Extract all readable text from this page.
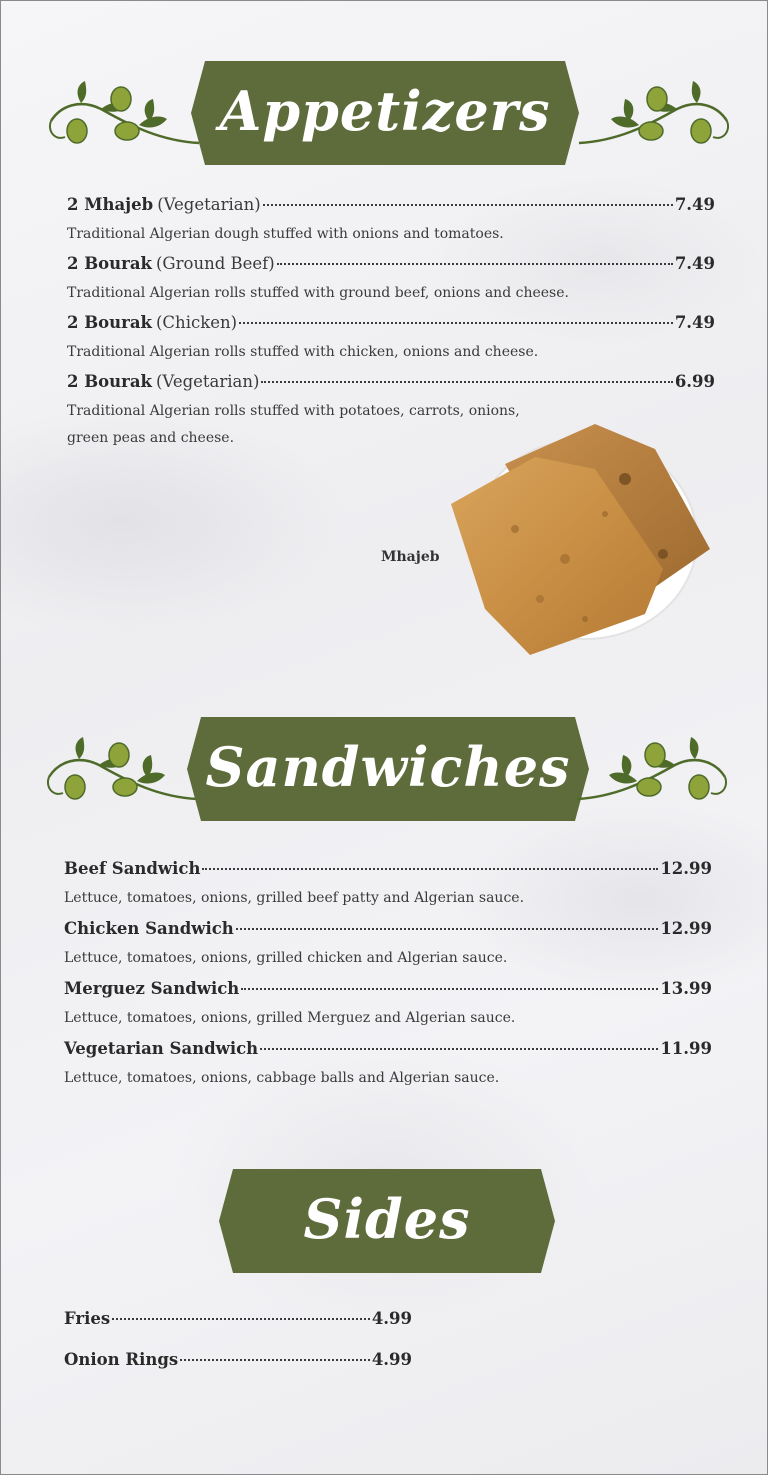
Appetizers
2 Mhajeb (Vegetarian)	7.49
Traditional Algerian dough stuffed with onions and tomatoes.
2 Bourak (Ground Beef)	7.49
Traditional Algerian rolls stuffed with ground beef, onions and cheese.
2 Bourak (Chicken)	7.49
Traditional Algerian rolls stuffed with chicken, onions and cheese.
2 Bourak (Vegetarian)	6.99
Traditional Algerian rolls stuffed with potatoes, carrots, onions,
green peas and cheese.
Mhajeb
Sandwiches
Beef Sandwich	12.99
Lettuce, tomatoes, onions, grilled beef patty and Algerian sauce.
Chicken Sandwich	12.99
Lettuce, tomatoes, onions, grilled chicken and Algerian sauce.
Merguez Sandwich	13.99
Lettuce, tomatoes, onions, grilled Merguez and Algerian sauce.
Vegetarian Sandwich	11.99
Lettuce, tomatoes, onions, cabbage balls and Algerian sauce.
Sides
Fries	4.99
Onion Rings	4.99
